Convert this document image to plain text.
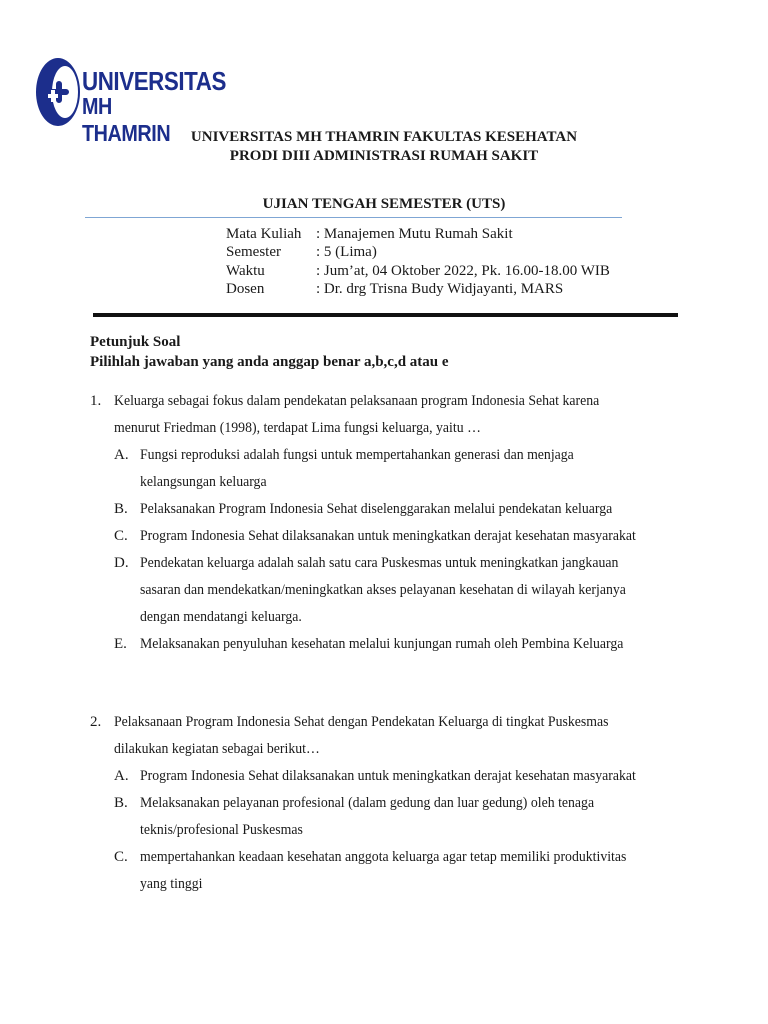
UNIVERSITAS
MH THAMRIN	UNIVERSITAS MH THAMRIN FAKULTAS KESEHATAN
PRODI DIII ADMINISTRASI RUMAH SAKIT
UJIAN TENGAH SEMESTER (UTS)
Mata Kuliah : Manajemen Mutu Rumah Sakit
Semester	: 5 (Lima)
Waktu	: Jum’at, 04 Oktober 2022, Pk. 16.00-18.00 WIB
Dosen	: Dr. drg Trisna Budy Widjayanti, MARS
Petunjuk Soal
Pilihlah jawaban yang anda anggap benar a,b,c,d atau e
1. Keluarga sebagai fokus dalam pendekatan pelaksanaan program Indonesia Sehat karena menurut Friedman (1998), terdapat Lima fungsi keluarga, yaitu …
A. Fungsi reproduksi adalah fungsi untuk mempertahankan generasi dan menjaga kelangsungan keluarga
B. Pelaksanakan Program Indonesia Sehat diselenggarakan melalui pendekatan keluarga
C. Program Indonesia Sehat dilaksanakan untuk meningkatkan derajat kesehatan masyarakat
D. Pendekatan keluarga adalah salah satu cara Puskesmas untuk meningkatkan jangkauan sasaran dan mendekatkan/meningkatkan akses pelayanan kesehatan di wilayah kerjanya dengan mendatangi keluarga.
E. Melaksanakan penyuluhan kesehatan melalui kunjungan rumah oleh Pembina Keluarga
2. Pelaksanaan Program Indonesia Sehat dengan Pendekatan Keluarga di tingkat Puskesmas dilakukan kegiatan sebagai berikut…
A. Program Indonesia Sehat dilaksanakan untuk meningkatkan derajat kesehatan masyarakat
B. Melaksanakan pelayanan profesional (dalam gedung dan luar gedung) oleh tenaga teknis/profesional Puskesmas
C. mempertahankan keadaan kesehatan anggota keluarga agar tetap memiliki produktivitas yang tinggi
